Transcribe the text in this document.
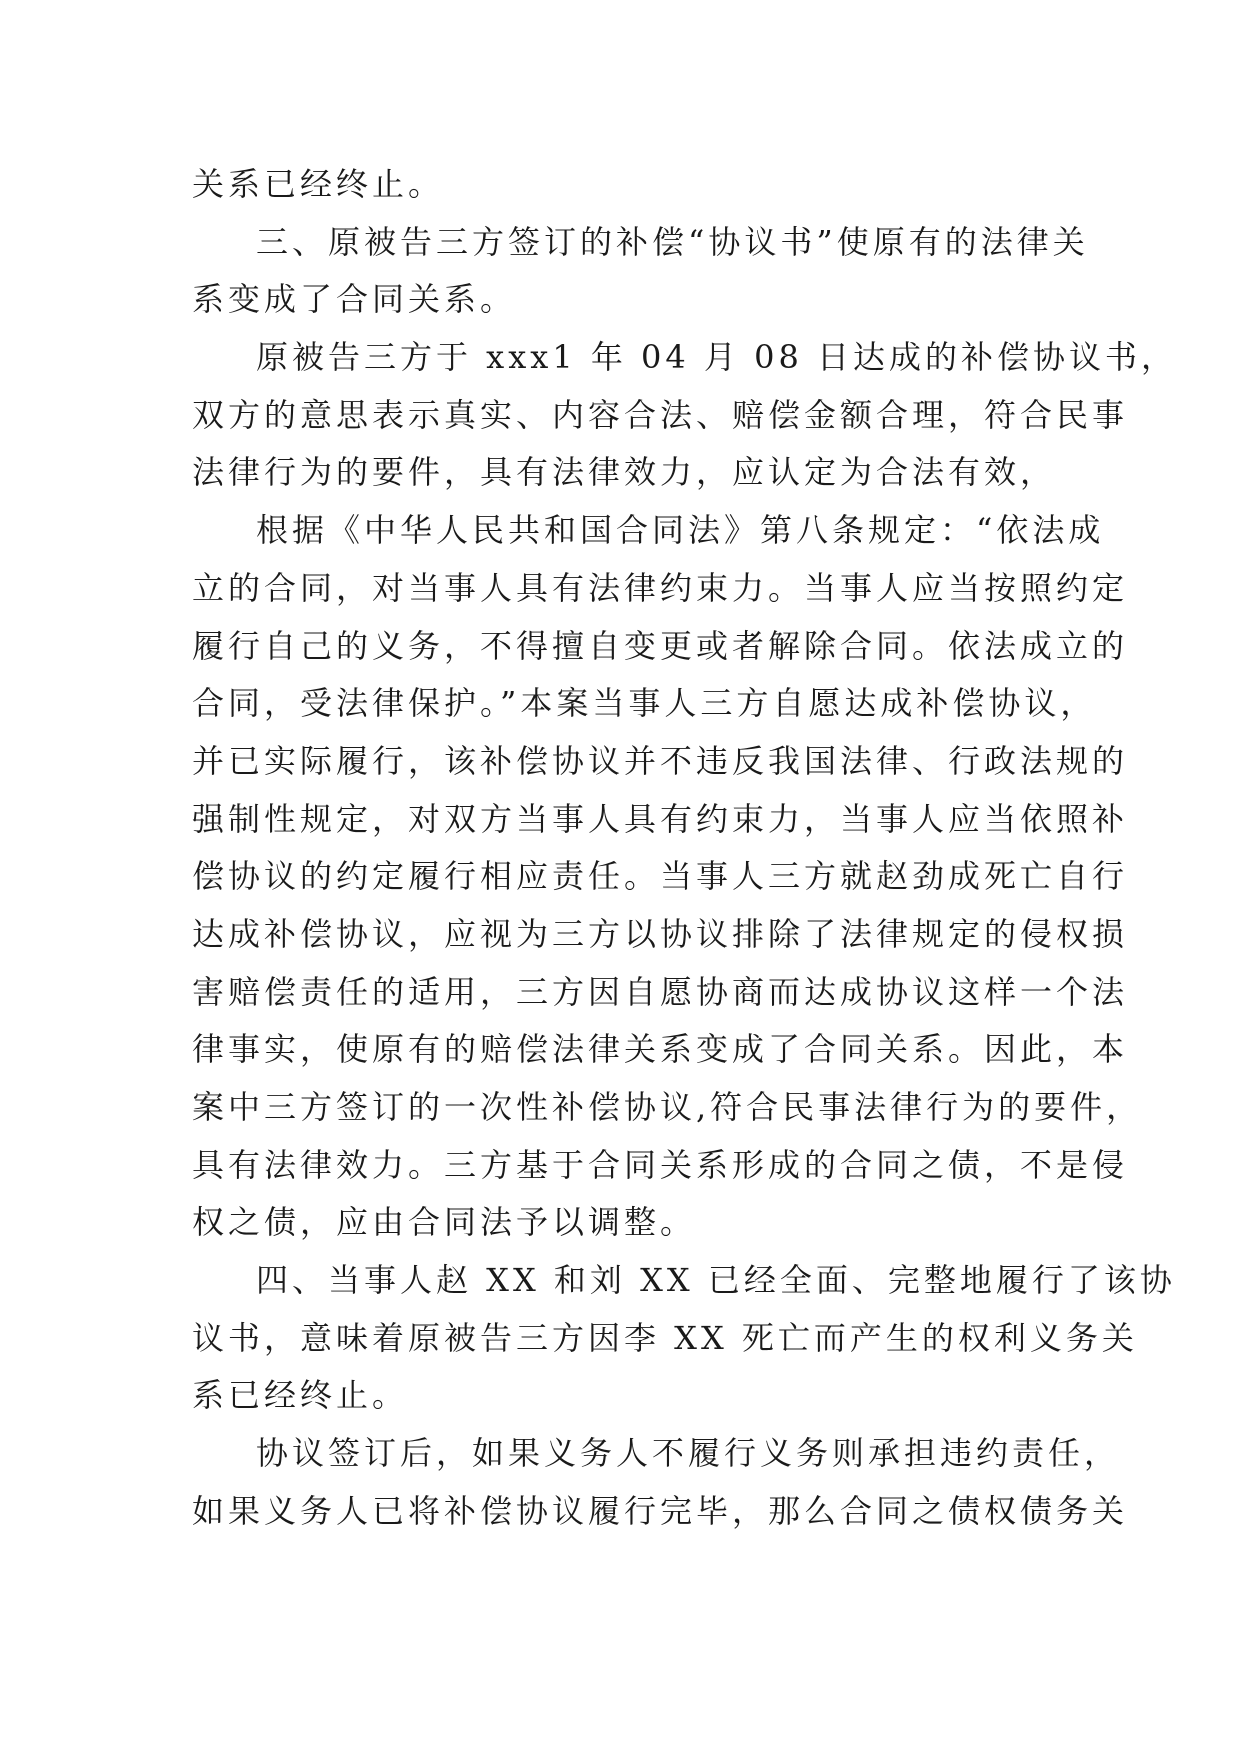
关系已经终止。
三、原被告三方签订的补偿“协议书”使原有的法律关
系变成了合同关系。
原被告三方于 xxx1 年 04 月 08 日达成的补偿协议书，
双方的意思表示真实、内容合法、赔偿金额合理，符合民事
法律行为的要件，具有法律效力，应认定为合法有效，
根据《中华人民共和国合同法》第八条规定：“依法成
立的合同，对当事人具有法律约束力。当事人应当按照约定
履行自己的义务，不得擅自变更或者解除合同。依法成立的
合同，受法律保护。”本案当事人三方自愿达成补偿协议，
并已实际履行，该补偿协议并不违反我国法律、行政法规的
强制性规定，对双方当事人具有约束力，当事人应当依照补
偿协议的约定履行相应责任。当事人三方就赵劲成死亡自行
达成补偿协议，应视为三方以协议排除了法律规定的侵权损
害赔偿责任的适用，三方因自愿协商而达成协议这样一个法
律事实，使原有的赔偿法律关系变成了合同关系。因此，本
案中三方签订的一次性补偿协议,符合民事法律行为的要件，
具有法律效力。三方基于合同关系形成的合同之债，不是侵
权之债，应由合同法予以调整。
四、当事人赵 XX 和刘 XX 已经全面、完整地履行了该协
议书，意味着原被告三方因李 XX 死亡而产生的权利义务关
系已经终止。
协议签订后，如果义务人不履行义务则承担违约责任，
如果义务人已将补偿协议履行完毕，那么合同之债权债务关
